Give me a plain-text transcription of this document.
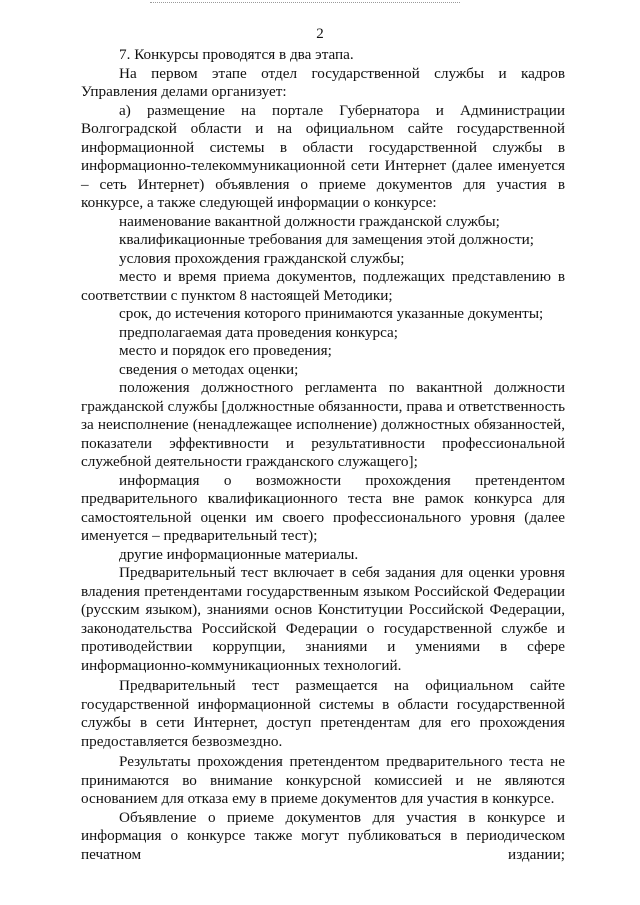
2

7. Конкурсы проводятся в два этапа.

На первом этапе отдел государственной службы и кадров Управления делами организует:

а) размещение на портале Губернатора и Администрации Волгоградской области и на официальном сайте государственной информационной системы в области государственной службы в информационно-телекоммуникационной сети Интернет (далее именуется – сеть Интернет) объявления о приеме документов для участия в конкурсе, а также следующей информации о конкурсе:

наименование вакантной должности гражданской службы;

квалификационные требования для замещения этой должности;

условия прохождения гражданской службы;

место и время приема документов, подлежащих представлению в соответствии с пунктом 8 настоящей Методики;

срок, до истечения которого принимаются указанные документы;

предполагаемая дата проведения конкурса;

место и порядок его проведения;

сведения о методах оценки;

положения должностного регламента по вакантной должности гражданской службы [должностные обязанности, права и ответственность за неисполнение (ненадлежащее исполнение) должностных обязанностей, показатели эффективности и результативности профессиональной служебной деятельности гражданского служащего];

информация о возможности прохождения претендентом предварительного квалификационного теста вне рамок конкурса для самостоятельной оценки им своего профессионального уровня (далее именуется – предварительный тест);

другие информационные материалы.

Предварительный тест включает в себя задания для оценки уровня владения претендентами государственным языком Российской Федерации (русским языком), знаниями основ Конституции Российской Федерации, законодательства Российской Федерации о государственной службе и противодействии коррупции, знаниями и умениями в сфере информационно-коммуникационных технологий.

Предварительный тест размещается на официальном сайте государственной информационной системы в области государственной службы в сети Интернет, доступ претендентам для его прохождения предоставляется безвозмездно.

Результаты прохождения претендентом предварительного теста не принимаются во внимание конкурсной комиссией и не являются основанием для отказа ему в приеме документов для участия в конкурсе.

Объявление о приеме документов для участия в конкурсе и информация о конкурсе также могут публиковаться в периодическом печатном издании;
